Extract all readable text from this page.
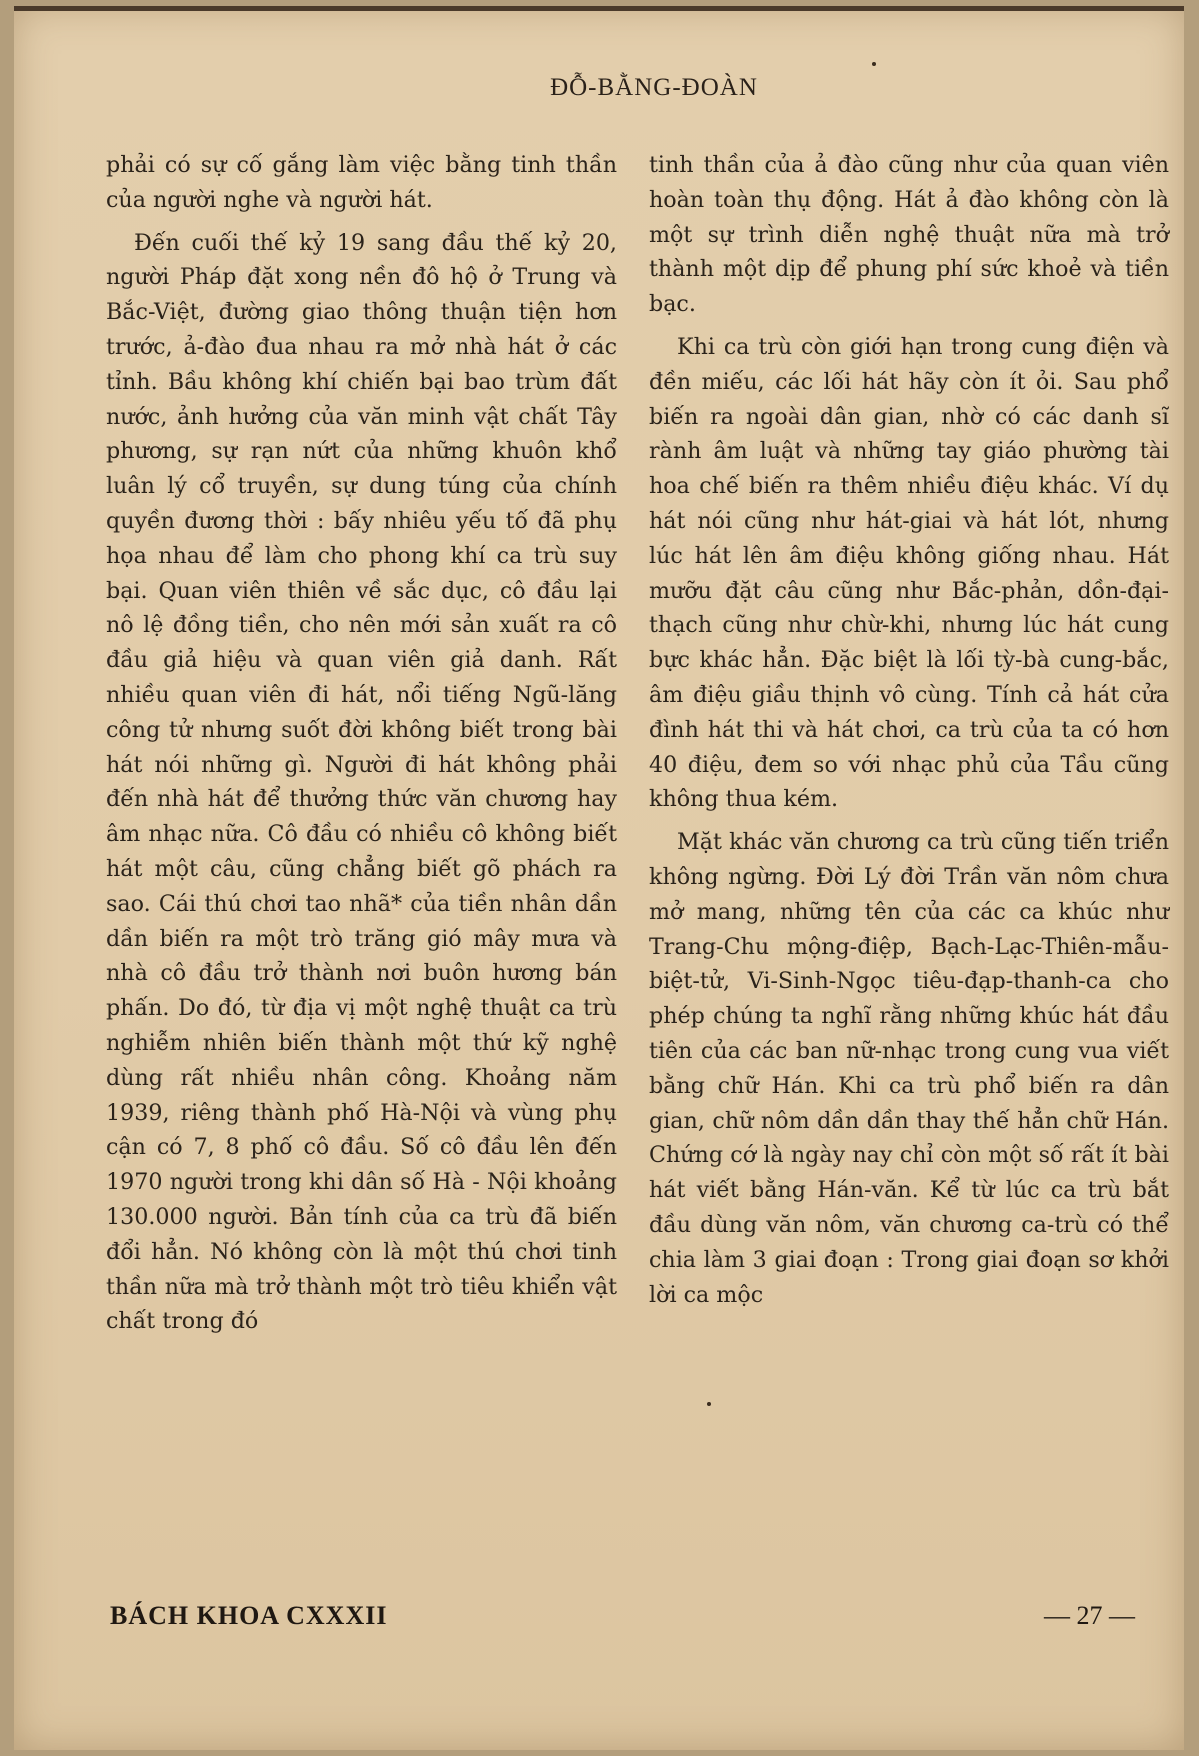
ĐỖ-BẰNG-ĐOÀN

phải có sự cố gắng làm việc bằng tinh thần của người nghe và người hát.

Đến cuối thế kỷ 19 sang đầu thế kỷ 20, người Pháp đặt xong nền đô hộ ở Trung và Bắc-Việt, đường giao thông thuận tiện hơn trước, ả-đào đua nhau ra mở nhà hát ở các tỉnh. Bầu không khí chiến bại bao trùm đất nước, ảnh hưởng của văn minh vật chất Tây phương, sự rạn nứt của những khuôn khổ luân lý cổ truyền, sự dung túng của chính quyền đương thời : bấy nhiêu yếu tố đã phụ họa nhau để làm cho phong khí ca trù suy bại. Quan viên thiên về sắc dục, cô đầu lại nô lệ đồng tiền, cho nên mới sản xuất ra cô đầu giả hiệu và quan viên giả danh. Rất nhiều quan viên đi hát, nổi tiếng Ngũ-lăng công tử nhưng suốt đời không biết trong bài hát nói những gì. Người đi hát không phải đến nhà hát để thưởng thức văn chương hay âm nhạc nữa. Cô đầu có nhiều cô không biết hát một câu, cũng chẳng biết gõ phách ra sao. Cái thú chơi tao nhã* của tiền nhân dần dần biến ra một trò trăng gió mây mưa và nhà cô đầu trở thành nơi buôn hương bán phấn. Do đó, từ địa vị một nghệ thuật ca trù nghiễm nhiên biến thành một thứ kỹ nghệ dùng rất nhiều nhân công. Khoảng năm 1939, riêng thành phố Hà-Nội và vùng phụ cận có 7, 8 phố cô đầu. Số cô đầu lên đến 1970 người trong khi dân số Hà - Nội khoảng 130.000 người. Bản tính của ca trù đã biến đổi hẳn. Nó không còn là một thú chơi tinh thần nữa mà trở thành một trò tiêu khiển vật chất trong đó

tinh thần của ả đào cũng như của quan viên hoàn toàn thụ động. Hát ả đào không còn là một sự trình diễn nghệ thuật nữa mà trở thành một dịp để phung phí sức khoẻ và tiền bạc.

Khi ca trù còn giới hạn trong cung điện và đền miếu, các lối hát hãy còn ít ỏi. Sau phổ biến ra ngoài dân gian, nhờ có các danh sĩ rành âm luật và những tay giáo phường tài hoa chế biến ra thêm nhiều điệu khác. Ví dụ hát nói cũng như hát-giai và hát lót, nhưng lúc hát lên âm điệu không giống nhau. Hát mưỡu đặt câu cũng như Bắc-phản, dồn-đại-thạch cũng như chừ-khi, nhưng lúc hát cung bực khác hẳn. Đặc biệt là lối tỳ-bà cung-bắc, âm điệu giầu thịnh vô cùng. Tính cả hát cửa đình hát thi và hát chơi, ca trù của ta có hơn 40 điệu, đem so với nhạc phủ của Tầu cũng không thua kém.

Mặt khác văn chương ca trù cũng tiến triển không ngừng. Đời Lý đời Trần văn nôm chưa mở mang, những tên của các ca khúc như Trang-Chu mộng-điệp, Bạch-Lạc-Thiên-mẫu-biệt-tử, Vi-Sinh-Ngọc tiêu-đạp-thanh-ca cho phép chúng ta nghĩ rằng những khúc hát đầu tiên của các ban nữ-nhạc trong cung vua viết bằng chữ Hán. Khi ca trù phổ biến ra dân gian, chữ nôm dần dần thay thế hẳn chữ Hán. Chứng cớ là ngày nay chỉ còn một số rất ít bài hát viết bằng Hán-văn. Kể từ lúc ca trù bắt đầu dùng văn nôm, văn chương ca-trù có thể chia làm 3 giai đoạn : Trong giai đoạn sơ khởi lời ca mộc

BÁCH KHOA CXXXII	— 27 —
